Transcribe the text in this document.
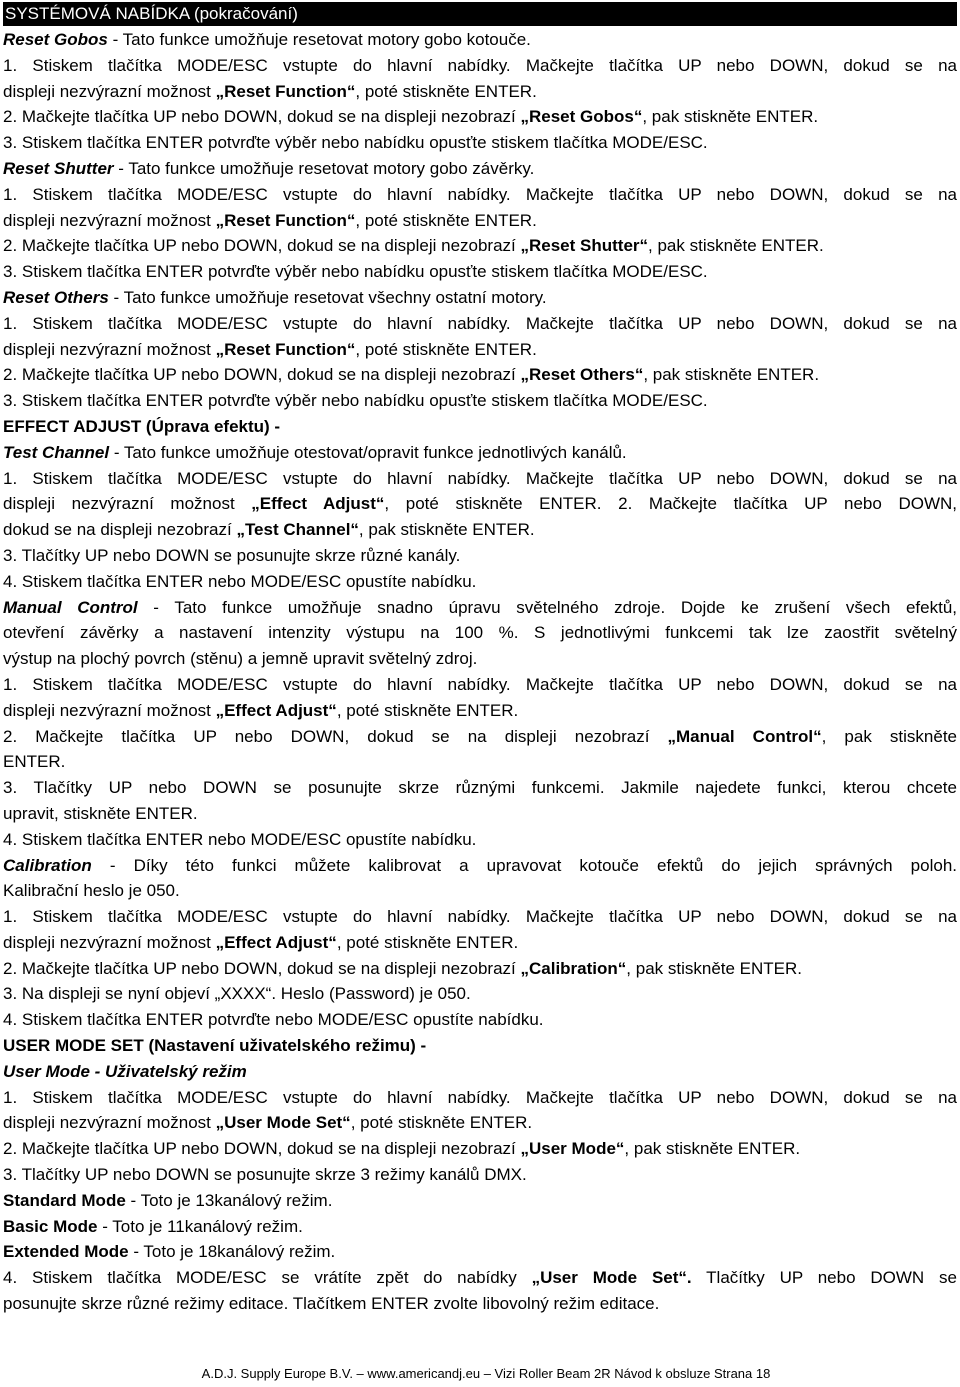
SYSTÉMOVÁ NABÍDKA (pokračování)
Reset Gobos - Tato funkce umožňuje resetovat motory gobo kotouče.
1. Stiskem tlačítka MODE/ESC vstupte do hlavní nabídky. Mačkejte tlačítka UP nebo DOWN, dokud se na
displeji nezvýrazní možnost „Reset Function“, poté stiskněte ENTER.
2. Mačkejte tlačítka UP nebo DOWN, dokud se na displeji nezobrazí „Reset Gobos“, pak stiskněte ENTER.
3. Stiskem tlačítka ENTER potvrďte výběr nebo nabídku opusťte stiskem tlačítka MODE/ESC.
Reset Shutter - Tato funkce umožňuje resetovat motory gobo závěrky.
1. Stiskem tlačítka MODE/ESC vstupte do hlavní nabídky. Mačkejte tlačítka UP nebo DOWN, dokud se na
displeji nezvýrazní možnost „Reset Function“, poté stiskněte ENTER.
2. Mačkejte tlačítka UP nebo DOWN, dokud se na displeji nezobrazí „Reset Shutter“, pak stiskněte ENTER.
3. Stiskem tlačítka ENTER potvrďte výběr nebo nabídku opusťte stiskem tlačítka MODE/ESC.
Reset Others - Tato funkce umožňuje resetovat všechny ostatní motory.
1. Stiskem tlačítka MODE/ESC vstupte do hlavní nabídky. Mačkejte tlačítka UP nebo DOWN, dokud se na
displeji nezvýrazní možnost „Reset Function“, poté stiskněte ENTER.
2. Mačkejte tlačítka UP nebo DOWN, dokud se na displeji nezobrazí „Reset Others“, pak stiskněte ENTER.
3. Stiskem tlačítka ENTER potvrďte výběr nebo nabídku opusťte stiskem tlačítka MODE/ESC.
EFFECT ADJUST (Úprava efektu) -
Test Channel - Tato funkce umožňuje otestovat/opravit funkce jednotlivých kanálů.
1. Stiskem tlačítka MODE/ESC vstupte do hlavní nabídky. Mačkejte tlačítka UP nebo DOWN, dokud se na
displeji nezvýrazní možnost „Effect Adjust“, poté stiskněte ENTER. 2. Mačkejte tlačítka UP nebo DOWN,
dokud se na displeji nezobrazí „Test Channel“, pak stiskněte ENTER.
3. Tlačítky UP nebo DOWN se posunujte skrze různé kanály.
4. Stiskem tlačítka ENTER nebo MODE/ESC opustíte nabídku.
Manual Control - Tato funkce umožňuje snadno úpravu světelného zdroje. Dojde ke zrušení všech efektů,
otevření závěrky a nastavení intenzity výstupu na 100 %. S jednotlivými funkcemi tak lze zaostřit světelný
výstup na plochý povrch (stěnu) a jemně upravit světelný zdroj.
1. Stiskem tlačítka MODE/ESC vstupte do hlavní nabídky. Mačkejte tlačítka UP nebo DOWN, dokud se na
displeji nezvýrazní možnost „Effect Adjust“, poté stiskněte ENTER.
2. Mačkejte tlačítka UP nebo DOWN, dokud se na displeji nezobrazí „Manual Control“, pak stiskněte
ENTER.
3. Tlačítky UP nebo DOWN se posunujte skrze různými funkcemi. Jakmile najedete funkci, kterou chcete
upravit, stiskněte ENTER.
4. Stiskem tlačítka ENTER nebo MODE/ESC opustíte nabídku.
Calibration - Díky této funkci můžete kalibrovat a upravovat kotouče efektů do jejich správných poloh.
Kalibrační heslo je 050.
1. Stiskem tlačítka MODE/ESC vstupte do hlavní nabídky. Mačkejte tlačítka UP nebo DOWN, dokud se na
displeji nezvýrazní možnost „Effect Adjust“, poté stiskněte ENTER.
2. Mačkejte tlačítka UP nebo DOWN, dokud se na displeji nezobrazí „Calibration“, pak stiskněte ENTER.
3. Na displeji se nyní objeví „XXXX“. Heslo (Password) je 050.
4. Stiskem tlačítka ENTER potvrďte nebo MODE/ESC opustíte nabídku.
USER MODE SET (Nastavení uživatelského režimu) -
User Mode - Uživatelský režim
1. Stiskem tlačítka MODE/ESC vstupte do hlavní nabídky. Mačkejte tlačítka UP nebo DOWN, dokud se na
displeji nezvýrazní možnost „User Mode Set“, poté stiskněte ENTER.
2. Mačkejte tlačítka UP nebo DOWN, dokud se na displeji nezobrazí „User Mode“, pak stiskněte ENTER.
3. Tlačítky UP nebo DOWN se posunujte skrze 3 režimy kanálů DMX.
Standard Mode - Toto je 13kanálový režim.
Basic Mode - Toto je 11kanálový režim.
Extended Mode - Toto je 18kanálový režim.
4. Stiskem tlačítka MODE/ESC se vrátíte zpět do nabídky „User Mode Set“. Tlačítky UP nebo DOWN se
posunujte skrze různé režimy editace. Tlačítkem ENTER zvolte libovolný režim editace.
A.D.J. Supply Europe B.V. – www.americandj.eu – Vizi Roller Beam 2R Návod k obsluze Strana 18
